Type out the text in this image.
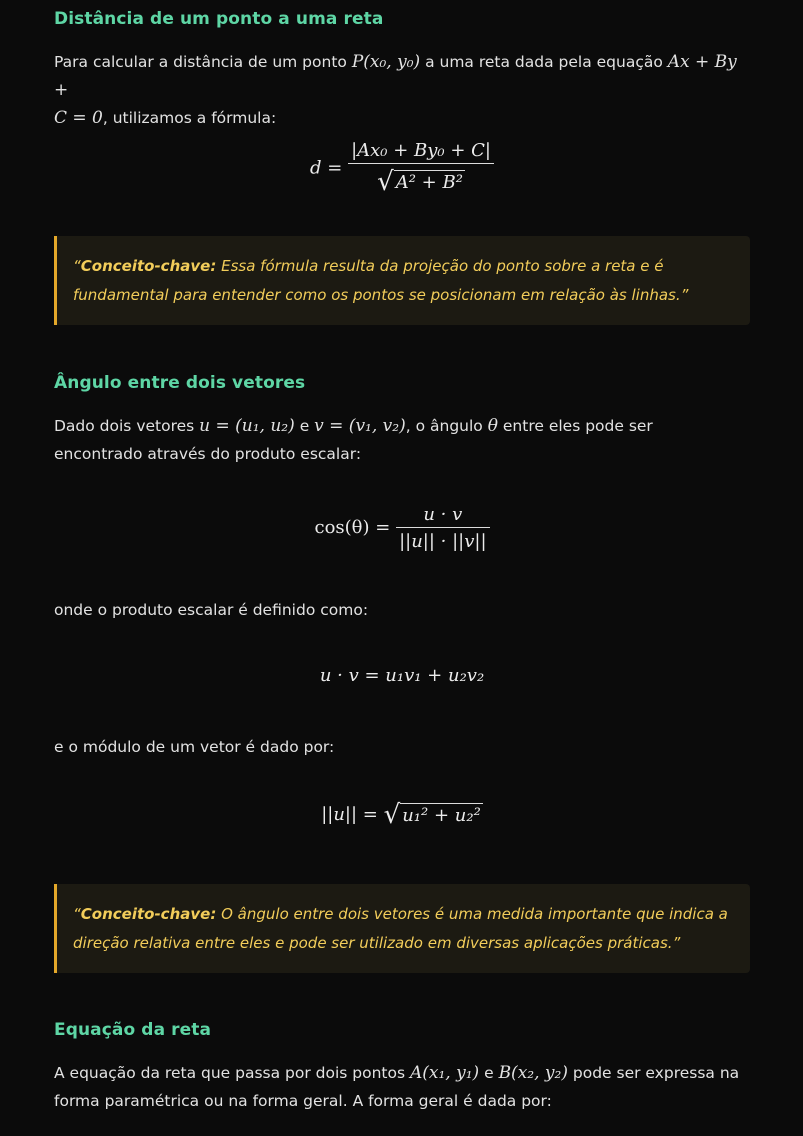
Distância de um ponto a uma reta

Para calcular a distância de um ponto P(x₀, y₀) a uma reta dada pela equação Ax + By +
C = 0, utilizamos a fórmula:

$d = \frac{\text{|Ax₀ + By₀ + C|}}{\text{√ A² + B²}}$
“Conceito-chave: Essa fórmula resulta da projeção do ponto sobre a reta e é fundamental para entender como os pontos se posicionam em relação às linhas.”
Ângulo entre dois vetores

Dado dois vetores u = (u₁, u₂) e v = (v₁, v₂), o ângulo θ entre eles pode ser encontrado através do produto escalar:

$\cos(\theta) = \frac{u \cdot v}{||u|| \cdot ||v||}$

onde o produto escalar é definido como:

u · v = u₁v₁ + u₂v₂

e o módulo de um vetor é dado por:

||u|| = √ u₁² + u₂²
“Conceito-chave: O ângulo entre dois vetores é uma medida importante que indica a direção relativa entre eles e pode ser utilizado em diversas aplicações práticas.”
Equação da reta

A equação da reta que passa por dois pontos A(x₁, y₁) e B(x₂, y₂) pode ser expressa na forma paramétrica ou na forma geral. A forma geral é dada por:
